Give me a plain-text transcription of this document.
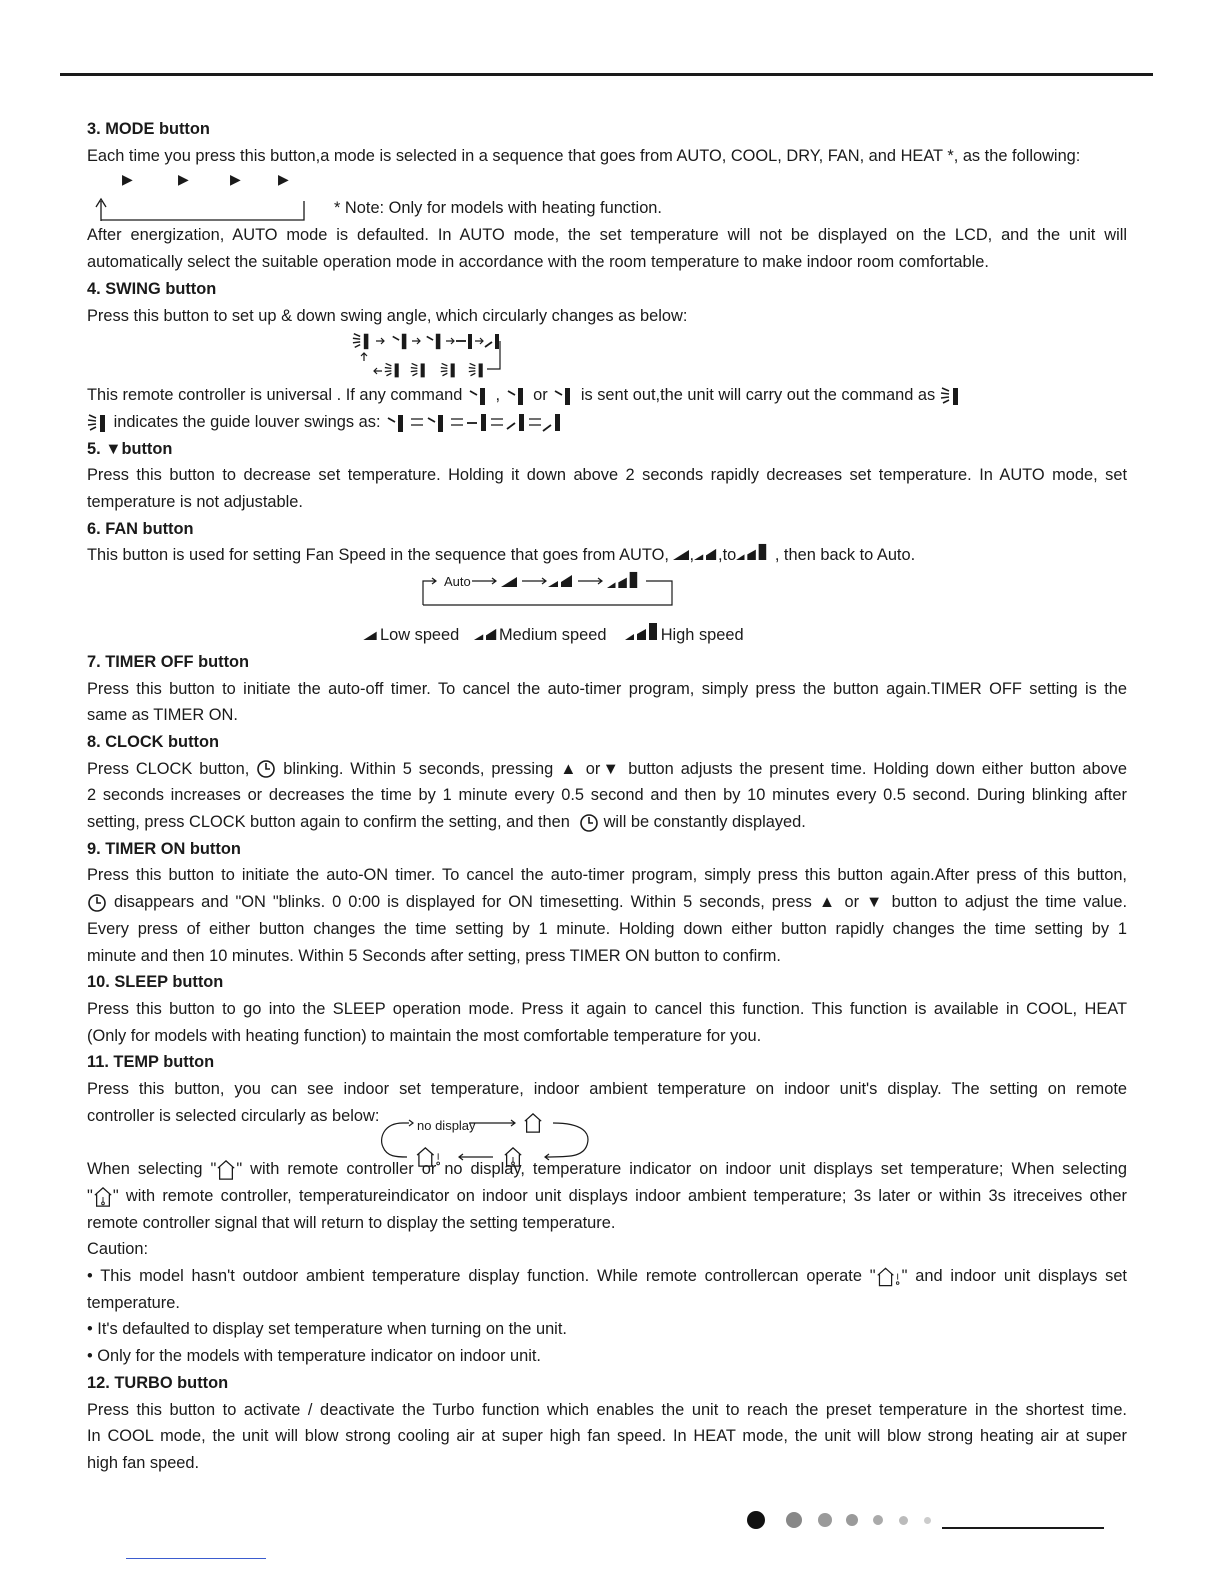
3. MODE button
Each time you press this button,a mode is selected in a sequence that goes from AUTO, COOL, DRY, FAN, and HEAT *, as the following:
▶	▶	▶	▶
* Note: Only for models with heating function.
After energization, AUTO mode is defaulted. In AUTO mode, the set temperature will not be displayed on the LCD, and the unit will
automatically select the suitable operation mode in accordance with the room temperature to make indoor room comfortable.
4. SWING button
Press this button to set up & down swing angle, which circularly changes as below:
This remote controller is universal . If any command , or is sent out,the unit will carry out the command as
indicates the guide louver swings as:
5. ▼button
Press this button to decrease set temperature. Holding it down above 2 seconds rapidly decreases set temperature. In AUTO mode, set
temperature is not adjustable.
6. FAN button
This button is used for setting Fan Speed in the sequence that goes from AUTO, , ,to , then back to Auto.
Auto
Low speed Medium speed	High speed
7. TIMER OFF button
Press this button to initiate the auto-off timer. To cancel the auto-timer program, simply press the button again.TIMER OFF setting is the
same as TIMER ON.
8. CLOCK button
Press CLOCK button, blinking. Within 5 seconds, pressing ▲ or▼ button adjusts the present time. Holding down either button above
2 seconds increases or decreases the time by 1 minute every 0.5 second and then by 10 minutes every 0.5 second. During blinking after
setting, press CLOCK button again to confirm the setting, and then will be constantly displayed.
9. TIMER ON button
Press this button to initiate the auto-ON timer. To cancel the auto-timer program, simply press this button again.After press of this button,
disappears and "ON "blinks. 0 0:00 is displayed for ON timesetting. Within 5 seconds, press ▲ or ▼ button to adjust the time value.
Every press of either button changes the time setting by 1 minute. Holding down either button rapidly changes the time setting by 1
minute and then 10 minutes. Within 5 Seconds after setting, press TIMER ON button to confirm.
10. SLEEP button
Press this button to go into the SLEEP operation mode. Press it again to cancel this function. This function is available in COOL, HEAT
(Only for models with heating function) to maintain the most comfortable temperature for you.
11. TEMP button
Press this button, you can see indoor set temperature, indoor ambient temperature on indoor unit's display. The setting on remote
controller is selected circularly as below:
no display
When selecting " " with remote controller or no display, temperature indicator on indoor unit displays set temperature; When selecting
" " with remote controller, temperatureindicator on indoor unit displays indoor ambient temperature; 3s later or within 3s itreceives other
remote controller signal that will return to display the setting temperature.
Caution:
• This model hasn't outdoor ambient temperature display function. While remote controllercan operate " " and indoor unit displays set
temperature.
• It's defaulted to display set temperature when turning on the unit.
• Only for the models with temperature indicator on indoor unit.
12. TURBO button
Press this button to activate / deactivate the Turbo function which enables the unit to reach the preset temperature in the shortest time.
In COOL mode, the unit will blow strong cooling air at super high fan speed. In HEAT mode, the unit will blow strong heating air at super
high fan speed.
